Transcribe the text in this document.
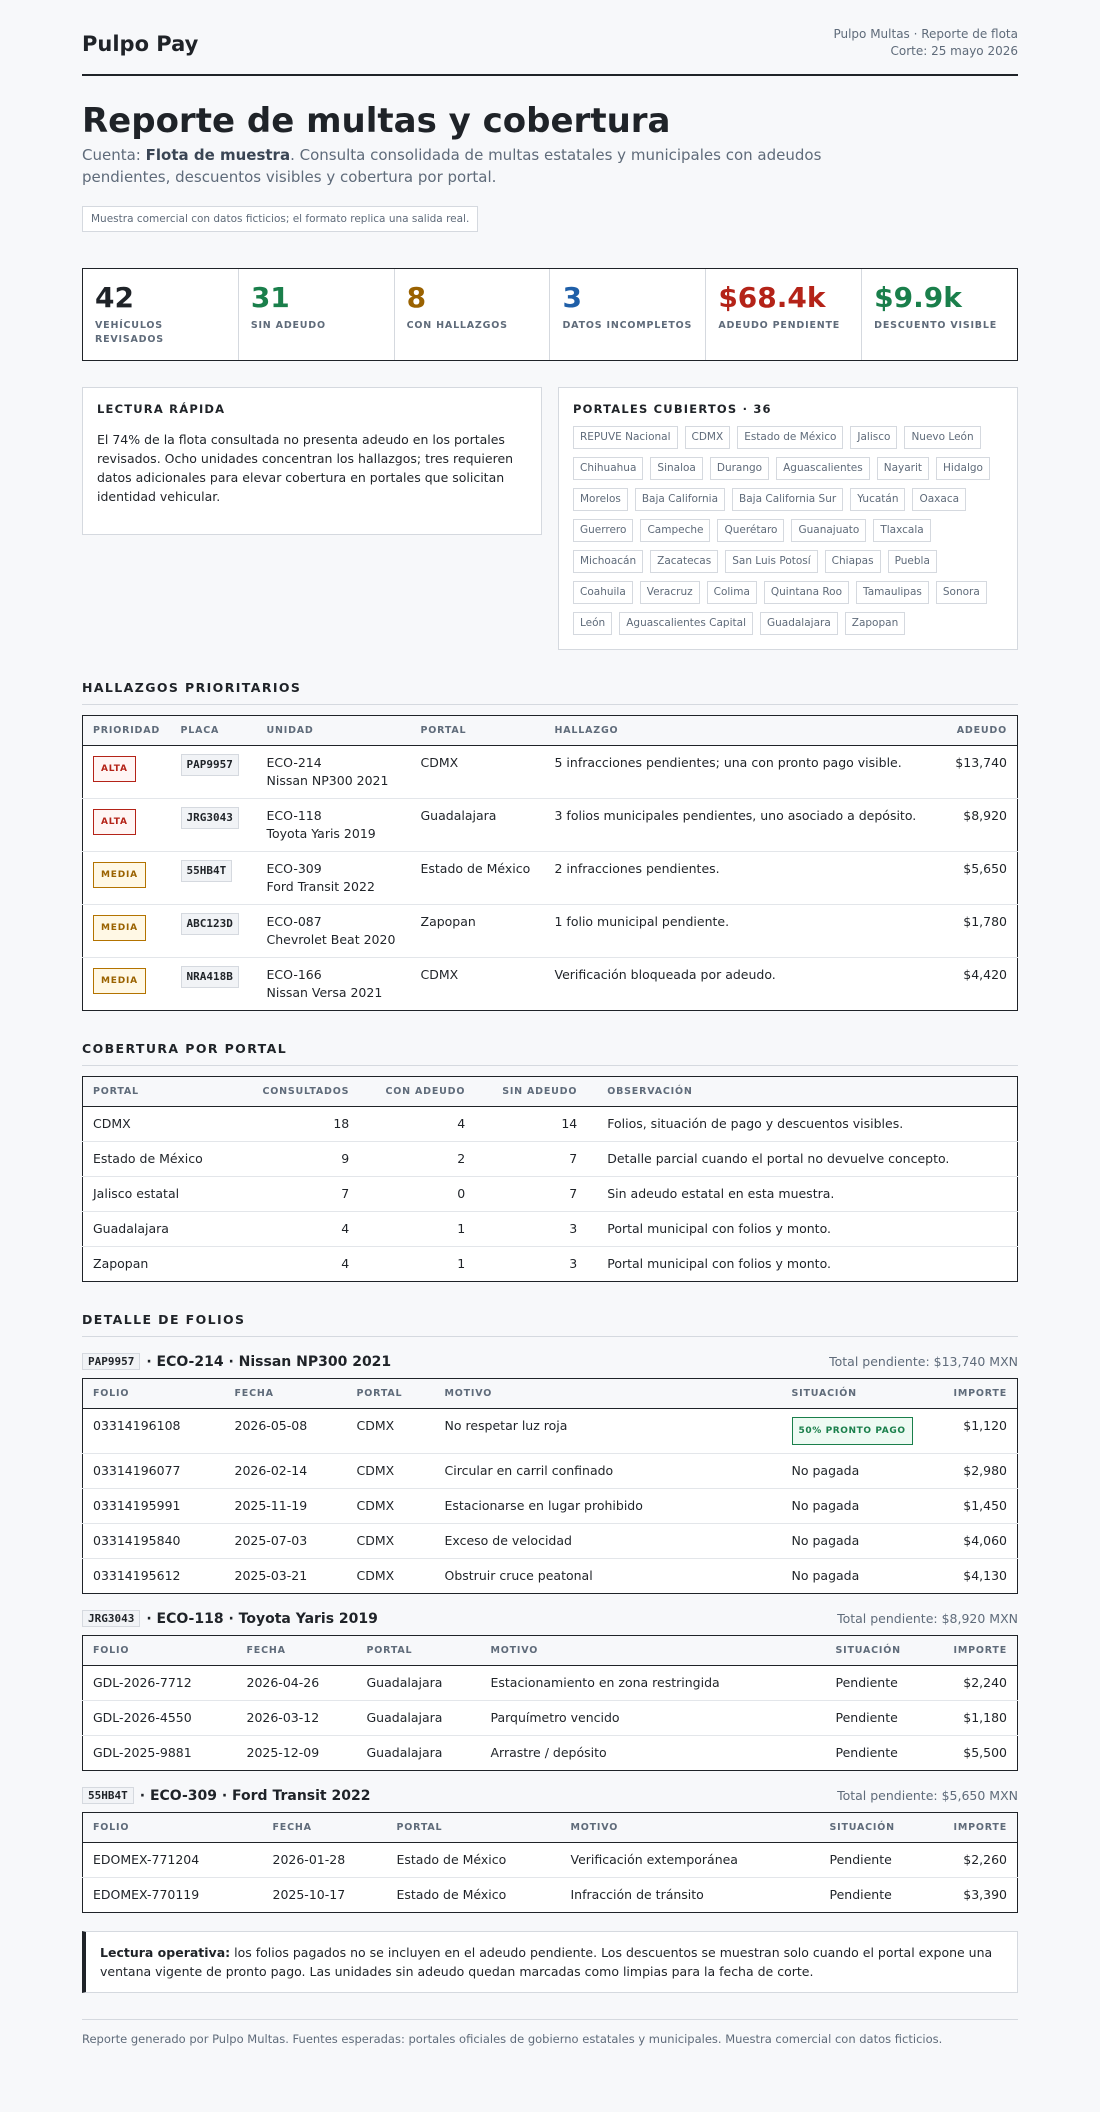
Pulpo Pay	Pulpo Multas · Reporte de flota
Corte: 25 mayo 2026
Reporte de multas y cobertura

Cuenta: Flota de muestra. Consulta consolidada de multas estatales y municipales con adeudos pendientes, descuentos visibles y cobertura por portal.

Muestra comercial con datos ficticios; el formato replica una salida real.
42
VEHÍCULOS REVISADOS
31
SIN ADEUDO
8
CON HALLAZGOS
3
DATOS INCOMPLETOS
$68.4k
ADEUDO PENDIENTE
$9.9k
DESCUENTO VISIBLE
LECTURA RÁPIDA
El 74% de la flota consultada no presenta adeudo en los portales revisados. Ocho unidades concentran los hallazgos; tres requieren datos adicionales para elevar cobertura en portales que solicitan identidad vehicular.
PORTALES CUBIERTOS · 36
REPUVE Nacional	CDMX	Estado de México	Jalisco	Nuevo León
Chihuahua	Sinaloa	Durango	Aguascalientes	Nayarit	Hidalgo
Morelos	Baja California	Baja California Sur	Yucatán	Oaxaca
Guerrero	Campeche	Querétaro	Guanajuato	Tlaxcala
Michoacán	Zacatecas	San Luis Potosí	Chiapas	Puebla
Coahuila	Veracruz	Colima	Quintana Roo	Tamaulipas	Sonora
León	Aguascalientes Capital	Guadalajara	Zapopan
HALLAZGOS PRIORITARIOS
PRIORIDAD	PLACA	UNIDAD	PORTAL	HALLAZGO	ADEUDO
ALTA	PAP9957	ECO-214
Nissan NP300 2021	CDMX	5 infracciones pendientes; una con pronto pago visible.	$13,740
ALTA	JRG3043	ECO-118
Toyota Yaris 2019	Guadalajara	3 folios municipales pendientes, uno asociado a depósito.	$8,920
MEDIA	55HB4T	ECO-309
Ford Transit 2022	Estado de México	2 infracciones pendientes.	$5,650
MEDIA	ABC123D	ECO-087
Chevrolet Beat 2020	Zapopan	1 folio municipal pendiente.	$1,780
MEDIA	NRA418B	ECO-166
Nissan Versa 2021	CDMX	Verificación bloqueada por adeudo.	$4,420
COBERTURA POR PORTAL
PORTAL	CONSULTADOS	CON ADEUDO	SIN ADEUDO	OBSERVACIÓN
CDMX	18	4	14	Folios, situación de pago y descuentos visibles.
Estado de México	9	2	7	Detalle parcial cuando el portal no devuelve concepto.
Jalisco estatal	7	0	7	Sin adeudo estatal en esta muestra.
Guadalajara	4	1	3	Portal municipal con folios y monto.
Zapopan	4	1	3	Portal municipal con folios y monto.
DETALLE DE FOLIOS
PAP9957 · ECO-214 · Nissan NP300 2021	Total pendiente: $13,740 MXN
FOLIO	FECHA	PORTAL	MOTIVO	SITUACIÓN	IMPORTE
03314196108	2026-05-08	CDMX	No respetar luz roja	50% PRONTO PAGO	$1,120
03314196077	2026-02-14	CDMX	Circular en carril confinado	No pagada	$2,980
03314195991	2025-11-19	CDMX	Estacionarse en lugar prohibido	No pagada	$1,450
03314195840	2025-07-03	CDMX	Exceso de velocidad	No pagada	$4,060
03314195612	2025-03-21	CDMX	Obstruir cruce peatonal	No pagada	$4,130
JRG3043 · ECO-118 · Toyota Yaris 2019	Total pendiente: $8,920 MXN
FOLIO	FECHA	PORTAL	MOTIVO	SITUACIÓN	IMPORTE
GDL-2026-7712	2026-04-26	Guadalajara	Estacionamiento en zona restringida	Pendiente	$2,240
GDL-2026-4550	2026-03-12	Guadalajara	Parquímetro vencido	Pendiente	$1,180
GDL-2025-9881	2025-12-09	Guadalajara	Arrastre / depósito	Pendiente	$5,500
55HB4T · ECO-309 · Ford Transit 2022	Total pendiente: $5,650 MXN
FOLIO	FECHA	PORTAL	MOTIVO	SITUACIÓN	IMPORTE
EDOMEX-771204	2026-01-28	Estado de México	Verificación extemporánea	Pendiente	$2,260
EDOMEX-770119	2025-10-17	Estado de México	Infracción de tránsito	Pendiente	$3,390
Lectura operativa: los folios pagados no se incluyen en el adeudo pendiente. Los descuentos se muestran solo cuando el portal expone una ventana vigente de pronto pago. Las unidades sin adeudo quedan marcadas como limpias para la fecha de corte.
Reporte generado por Pulpo Multas. Fuentes esperadas: portales oficiales de gobierno estatales y municipales. Muestra comercial con datos ficticios.
